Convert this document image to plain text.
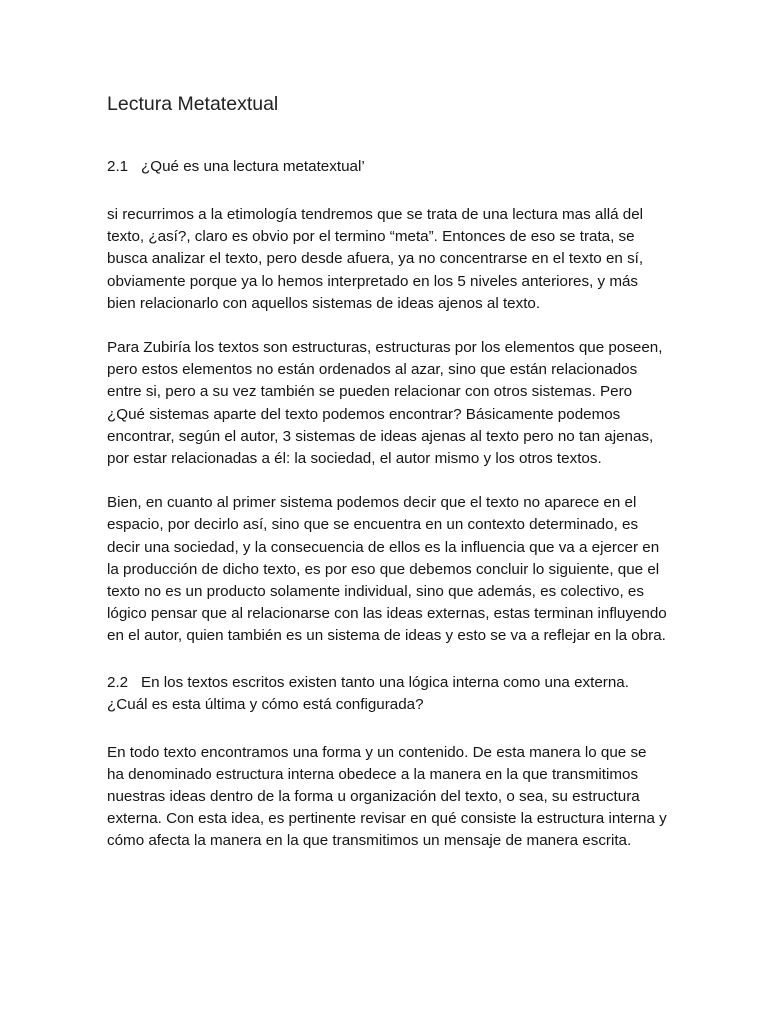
Lectura Metatextual

2.1 ¿Qué es una lectura metatextual’

si recurrimos a la etimología tendremos que se trata de una lectura mas allá del texto, ¿así?, claro es obvio por el termino “meta”. Entonces de eso se trata, se busca analizar el texto, pero desde afuera, ya no concentrarse en el texto en sí, obviamente porque ya lo hemos interpretado en los 5 niveles anteriores, y más bien relacionarlo con aquellos sistemas de ideas ajenos al texto.

Para Zubiría los textos son estructuras, estructuras por los elementos que poseen, pero estos elementos no están ordenados al azar, sino que están relacionados entre si, pero a su vez también se pueden relacionar con otros sistemas. Pero ¿Qué sistemas aparte del texto podemos encontrar? Básicamente podemos encontrar, según el autor, 3 sistemas de ideas ajenas al texto pero no tan ajenas, por estar relacionadas a él: la sociedad, el autor mismo y los otros textos.

Bien, en cuanto al primer sistema podemos decir que el texto no aparece en el espacio, por decirlo así, sino que se encuentra en un contexto determinado, es decir una sociedad, y la consecuencia de ellos es la influencia que va a ejercer en la producción de dicho texto, es por eso que debemos concluir lo siguiente, que el texto no es un producto solamente individual, sino que además, es colectivo, es lógico pensar que al relacionarse con las ideas externas, estas terminan influyendo en el autor, quien también es un sistema de ideas y esto se va a reflejar en la obra.

2.2 En los textos escritos existen tanto una lógica interna como una externa. ¿Cuál es esta última y cómo está configurada?

En todo texto encontramos una forma y un contenido. De esta manera lo que se ha denominado estructura interna obedece a la manera en la que transmitimos nuestras ideas dentro de la forma u organización del texto, o sea, su estructura externa. Con esta idea, es pertinente revisar en qué consiste la estructura interna y cómo afecta la manera en la que transmitimos un mensaje de manera escrita.
